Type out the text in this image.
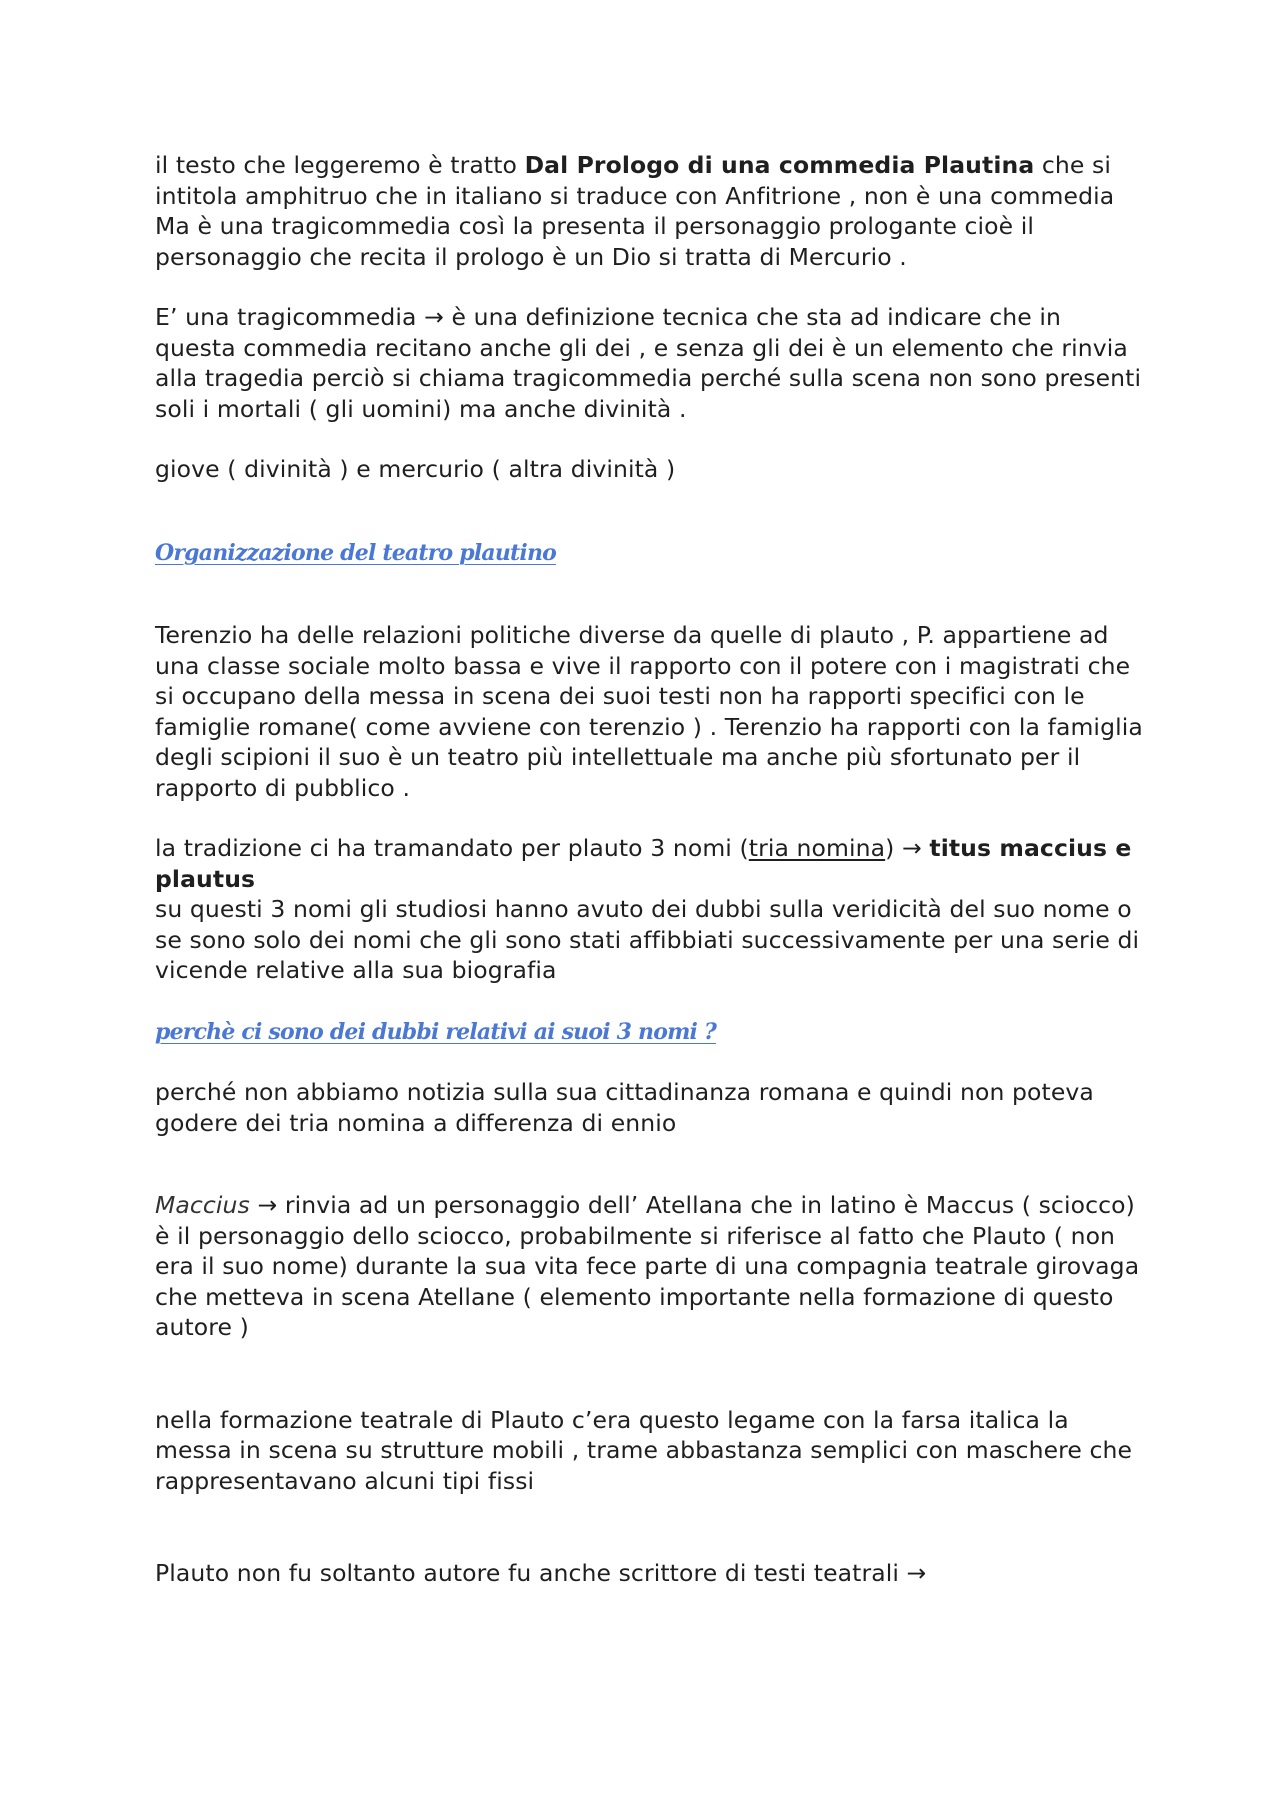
il testo che leggeremo è tratto Dal Prologo di una commedia Plautina che si intitola amphitruo che in italiano si traduce con Anfitrione , non è una commedia Ma è una tragicommedia così la presenta il personaggio prologante cioè il personaggio che recita il prologo è un Dio si tratta di Mercurio .

E’ una tragicommedia → è una definizione tecnica che sta ad indicare che in questa commedia recitano anche gli dei , e senza gli dei è un elemento che rinvia alla tragedia perciò si chiama tragicommedia perché sulla scena non sono presenti soli i mortali ( gli uomini) ma anche divinità .

giove ( divinità ) e mercurio ( altra divinità )

Organizzazione del teatro plautino

Terenzio ha delle relazioni politiche diverse da quelle di plauto , P. appartiene ad una classe sociale molto bassa e vive il rapporto con il potere con i magistrati che si occupano della messa in scena dei suoi testi non ha rapporti specifici con le famiglie romane( come avviene con terenzio ) . Terenzio ha rapporti con la famiglia degli scipioni il suo è un teatro più intellettuale ma anche più sfortunato per il rapporto di pubblico .

la tradizione ci ha tramandato per plauto 3 nomi (tria nomina) → titus maccius e plautus
su questi 3 nomi gli studiosi hanno avuto dei dubbi sulla veridicità del suo nome o se sono solo dei nomi che gli sono stati affibbiati successivamente per una serie di vicende relative alla sua biografia

perchè ci sono dei dubbi relativi ai suoi 3 nomi ?

perché non abbiamo notizia sulla sua cittadinanza romana e quindi non poteva godere dei tria nomina a differenza di ennio

Maccius → rinvia ad un personaggio dell’ Atellana che in latino è Maccus ( sciocco) è il personaggio dello sciocco, probabilmente si riferisce al fatto che Plauto ( non era il suo nome) durante la sua vita fece parte di una compagnia teatrale girovaga che metteva in scena Atellane ( elemento importante nella formazione di questo autore )

nella formazione teatrale di Plauto c’era questo legame con la farsa italica la messa in scena su strutture mobili , trame abbastanza semplici con maschere che rappresentavano alcuni tipi fissi

Plauto non fu soltanto autore fu anche scrittore di testi teatrali →
